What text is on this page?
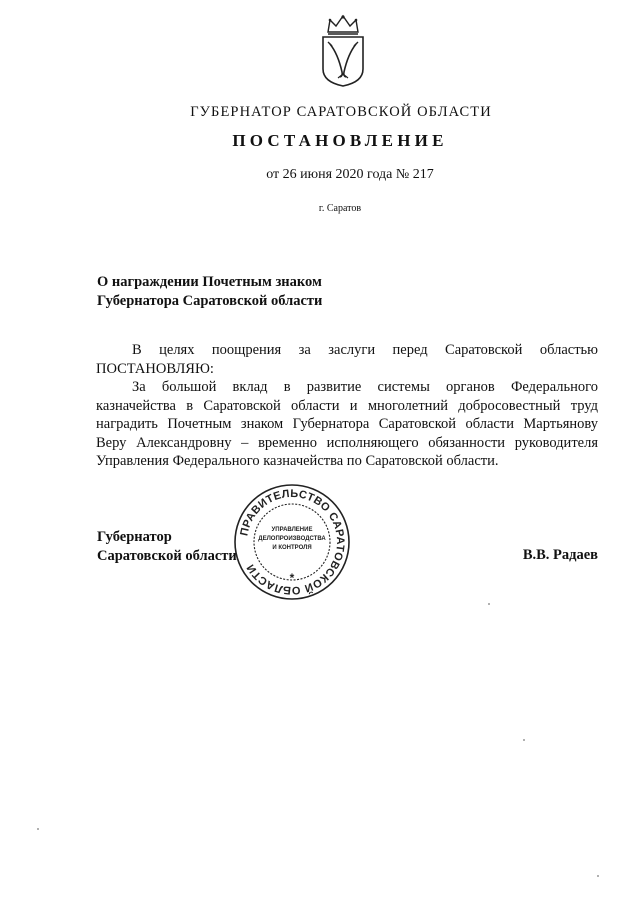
ГУБЕРНАТОР САРАТОВСКОЙ ОБЛАСТИ
ПОСТАНОВЛЕНИЕ
от 26 июня 2020 года № 217
г. Саратов
О награждении Почетным знаком
Губернатора Саратовской области

В целях поощрения за заслуги перед Саратовской областью

ПОСТАНОВЛЯЮ:

За большой вклад в развитие системы органов Федерального

казначейства в Саратовской области и многолетний добросовестный труд

наградить Почетным знаком Губернатора Саратовской области Мартьянову

Веру Александровну – временно исполняющего обязанности руководителя

Управления Федерального казначейства по Саратовской области.

Губернатор
Саратовской области
ПРАВИТЕЛЬСТВО САРАТОВСКОЙ ОБЛАСТИ
УПРАВЛЕНИЕ
ДЕЛОПРОИЗВОДСТВА
И КОНТРОЛЯ
*
В.В. Радаев
